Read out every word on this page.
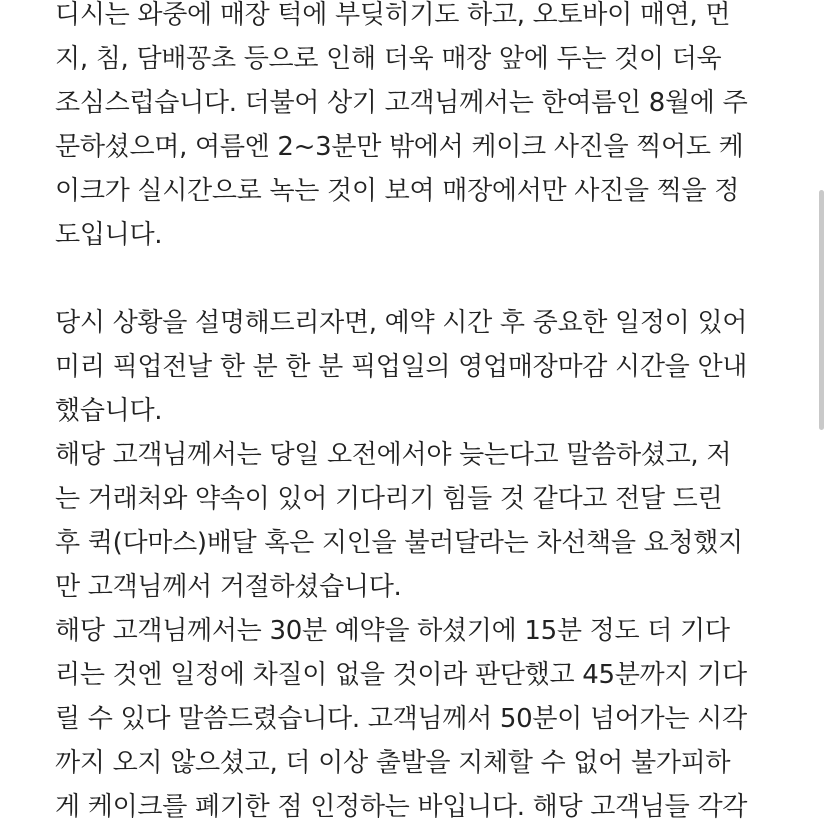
디시는 와중에 매장 턱에 부딪히기도 하고, 오토바이 매연, 먼
지, 침, 담배꽁초 등으로 인해 더욱 매장 앞에 두는 것이 더욱
조심스럽습니다. 더불어 상기 고객님께서는 한여름인 8월에 주
문하셨으며, 여름엔 2~3분만 밖에서 케이크 사진을 찍어도 케
이크가 실시간으로 녹는 것이 보여 매장에서만 사진을 찍을 정
도입니다.
당시 상황을 설명해드리자면, 예약 시간 후 중요한 일정이 있어
미리 픽업전날 한 분 한 분 픽업일의 영업매장마감 시간을 안내
했습니다.
해당 고객님께서는 당일 오전에서야 늦는다고 말씀하셨고, 저
는 거래처와 약속이 있어 기다리기 힘들 것 같다고 전달 드린
후 퀵(다마스)배달 혹은 지인을 불러달라는 차선책을 요청했지
만 고객님께서 거절하셨습니다.
해당 고객님께서는 30분 예약을 하셨기에 15분 정도 더 기다
리는 것엔 일정에 차질이 없을 것이라 판단했고 45분까지 기다
릴 수 있다 말씀드렸습니다. 고객님께서 50분이 넘어가는 시각
까지 오지 않으셨고, 더 이상 출발을 지체할 수 없어 불가피하
게 케이크를 폐기한 점 인정하는 바입니다. 해당 고객님들 각각
